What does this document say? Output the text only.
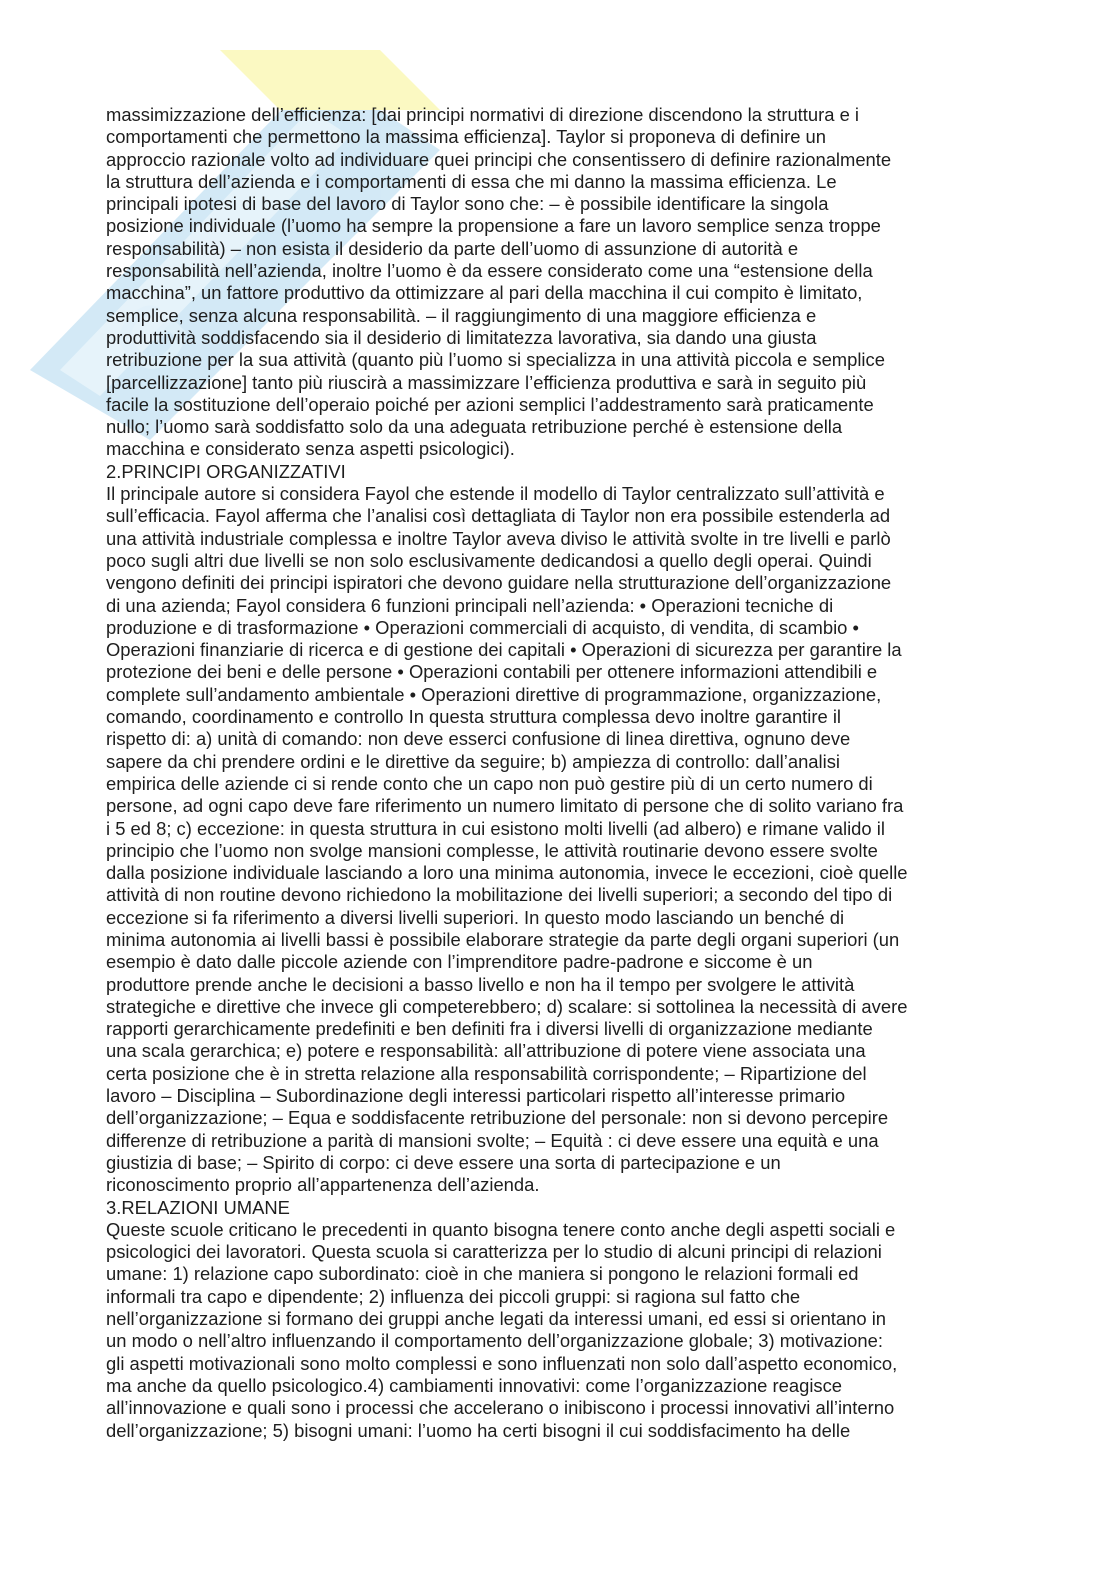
G
massimizzazione dell’efficienza: [dai principi normativi di direzione discendono la struttura e i
comportamenti che permettono la massima efficienza]. Taylor si proponeva di definire un
approccio razionale volto ad individuare quei principi che consentissero di definire razionalmente
la struttura dell’azienda e i comportamenti di essa che mi danno la massima efficienza. Le
principali ipotesi di base del lavoro di Taylor sono che: – è possibile identificare la singola
posizione individuale (l’uomo ha sempre la propensione a fare un lavoro semplice senza troppe
responsabilità) – non esista il desiderio da parte dell’uomo di assunzione di autorità e
responsabilità nell’azienda, inoltre l’uomo è da essere considerato come una “estensione della
macchina”, un fattore produttivo da ottimizzare al pari della macchina il cui compito è limitato,
semplice, senza alcuna responsabilità. – il raggiungimento di una maggiore efficienza e
produttività soddisfacendo sia il desiderio di limitatezza lavorativa, sia dando una giusta
retribuzione per la sua attività (quanto più l’uomo si specializza in una attività piccola e semplice
[parcellizzazione] tanto più riuscirà a massimizzare l’efficienza produttiva e sarà in seguito più
facile la sostituzione dell’operaio poiché per azioni semplici l’addestramento sarà praticamente
nullo; l’uomo sarà soddisfatto solo da una adeguata retribuzione perché è estensione della
macchina e considerato senza aspetti psicologici).
2.PRINCIPI ORGANIZZATIVI
Il principale autore si considera Fayol che estende il modello di Taylor centralizzato sull’attività e
sull’efficacia. Fayol afferma che l’analisi così dettagliata di Taylor non era possibile estenderla ad
una attività industriale complessa e inoltre Taylor aveva diviso le attività svolte in tre livelli e parlò
poco sugli altri due livelli se non solo esclusivamente dedicandosi a quello degli operai. Quindi
vengono definiti dei principi ispiratori che devono guidare nella strutturazione dell’organizzazione
di una azienda; Fayol considera 6 funzioni principali nell’azienda: • Operazioni tecniche di
produzione e di trasformazione • Operazioni commerciali di acquisto, di vendita, di scambio •
Operazioni finanziarie di ricerca e di gestione dei capitali • Operazioni di sicurezza per garantire la
protezione dei beni e delle persone • Operazioni contabili per ottenere informazioni attendibili e
complete sull’andamento ambientale • Operazioni direttive di programmazione, organizzazione,
comando, coordinamento e controllo In questa struttura complessa devo inoltre garantire il
rispetto di: a) unità di comando: non deve esserci confusione di linea direttiva, ognuno deve
sapere da chi prendere ordini e le direttive da seguire; b) ampiezza di controllo: dall’analisi
empirica delle aziende ci si rende conto che un capo non può gestire più di un certo numero di
persone, ad ogni capo deve fare riferimento un numero limitato di persone che di solito variano fra
i 5 ed 8; c) eccezione: in questa struttura in cui esistono molti livelli (ad albero) e rimane valido il
principio che l’uomo non svolge mansioni complesse, le attività routinarie devono essere svolte
dalla posizione individuale lasciando a loro una minima autonomia, invece le eccezioni, cioè quelle
attività di non routine devono richiedono la mobilitazione dei livelli superiori; a secondo del tipo di
eccezione si fa riferimento a diversi livelli superiori. In questo modo lasciando un benché di
minima autonomia ai livelli bassi è possibile elaborare strategie da parte degli organi superiori (un
esempio è dato dalle piccole aziende con l’imprenditore padre-padrone e siccome è un
produttore prende anche le decisioni a basso livello e non ha il tempo per svolgere le attività
strategiche e direttive che invece gli competerebbero; d) scalare: si sottolinea la necessità di avere
rapporti gerarchicamente predefiniti e ben definiti fra i diversi livelli di organizzazione mediante
una scala gerarchica; e) potere e responsabilità: all’attribuzione di potere viene associata una
certa posizione che è in stretta relazione alla responsabilità corrispondente; – Ripartizione del
lavoro – Disciplina – Subordinazione degli interessi particolari rispetto all’interesse primario
dell’organizzazione; – Equa e soddisfacente retribuzione del personale: non si devono percepire
differenze di retribuzione a parità di mansioni svolte; – Equità : ci deve essere una equità e una
giustizia di base; – Spirito di corpo: ci deve essere una sorta di partecipazione e un
riconoscimento proprio all’appartenenza dell’azienda.
3.RELAZIONI UMANE
Queste scuole criticano le precedenti in quanto bisogna tenere conto anche degli aspetti sociali e
psicologici dei lavoratori. Questa scuola si caratterizza per lo studio di alcuni principi di relazioni
umane: 1) relazione capo subordinato: cioè in che maniera si pongono le relazioni formali ed
informali tra capo e dipendente; 2) influenza dei piccoli gruppi: si ragiona sul fatto che
nell’organizzazione si formano dei gruppi anche legati da interessi umani, ed essi si orientano in
un modo o nell’altro influenzando il comportamento dell’organizzazione globale; 3) motivazione:
gli aspetti motivazionali sono molto complessi e sono influenzati non solo dall’aspetto economico,
ma anche da quello psicologico.4) cambiamenti innovativi: come l’organizzazione reagisce
all’innovazione e quali sono i processi che accelerano o inibiscono i processi innovativi all’interno
dell’organizzazione; 5) bisogni umani: l’uomo ha certi bisogni il cui soddisfacimento ha delle
